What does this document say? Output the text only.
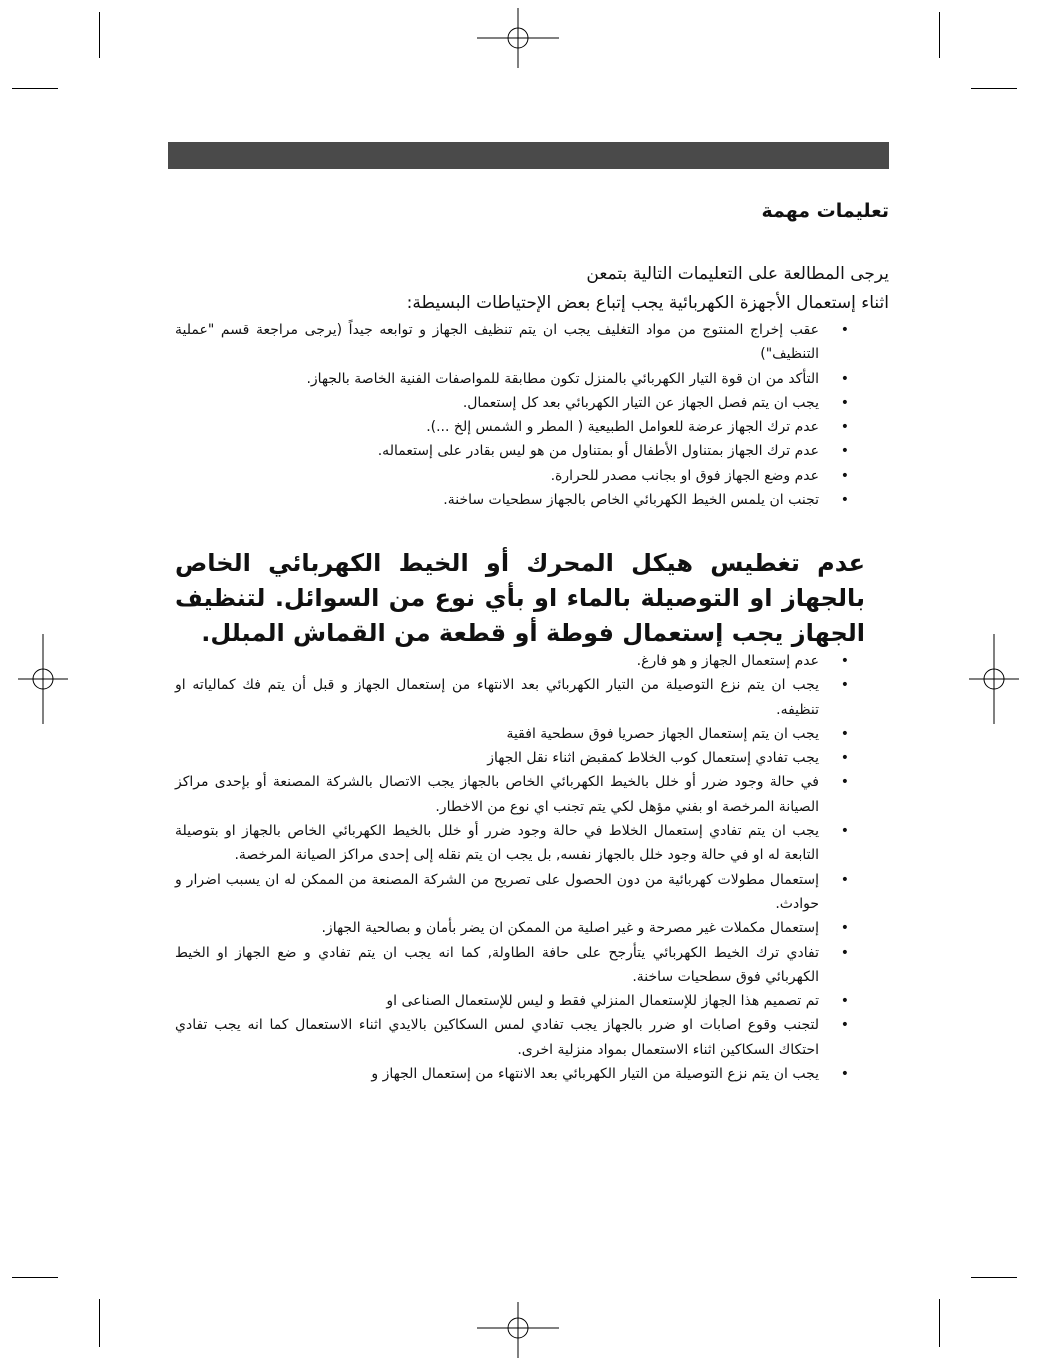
تعليمات مهمة
يرجى المطالعة على التعليمات التالية بتمعن
اثناء إستعمال الأجهزة الكهربائية يجب إتباع بعض الإحتياطات البسيطة:
•
عقب إخراج المنتوج من مواد التغليف يجب ان يتم تنظيف الجهاز و توابعه جيداً (يرجى مراجعة قسم "عملية التنظيف")
•
التأكد من ان قوة التيار الكهربائي بالمنزل تكون مطابقة للمواصفات الفنية الخاصة بالجهاز.
•
يجب ان يتم فصل الجهاز عن التيار الكهربائي بعد كل إستعمال.
•
عدم ترك الجهاز عرضة للعوامل الطبيعية ( المطر و الشمس إلخ ...).
•
عدم ترك الجهاز بمتناول الأطفال أو بمتناول من هو ليس بقادر على إستعماله.
•
عدم وضع الجهاز فوق او بجانب مصدر للحرارة.
•
تجنب ان يلمس الخيط الكهربائي الخاص بالجهاز سطحيات ساخنة.
عدم تغطيس هيكل المحرك أو الخيط الكهربائي الخاص بالجهاز او التوصيلة بالماء او بأي نوع من السوائل. لتنظيف الجهاز يجب إستعمال فوطة أو قطعة من القماش المبلل.
•
عدم إستعمال الجهاز و هو فارغ.
•
يجب ان يتم نزع التوصيلة من التيار الكهربائي بعد الانتهاء من إستعمال الجهاز و قبل أن يتم فك كمالياته او تنظيفه.
•
يجب ان يتم إستعمال الجهاز حصريا فوق سطحية افقية
•
يجب تفادي إستعمال كوب الخلاط كمقبض اثناء نقل الجهاز
•
في حالة وجود ضرر أو خلل بالخيط الكهربائي الخاص بالجهاز يجب الاتصال بالشركة المصنعة أو بإحدى مراكز الصيانة المرخصة او بفني مؤهل لكي يتم تجنب اي نوع من الاخطار.
•
يجب ان يتم تفادي إستعمال الخلاط في حالة وجود ضرر أو خلل بالخيط الكهربائي الخاص بالجهاز او بتوصيلة التابعة له او في حالة وجود خلل بالجهاز نفسه, بل يجب ان يتم نقله إلى إحدى مراكز الصيانة المرخصة.
•
إستعمال مطولات كهربائية من دون الحصول على تصريح من الشركة المصنعة من الممكن له ان يسبب اضرار و حوادث.
•
إستعمال مكملات غير مصرحة و غير اصلية من الممكن ان يضر بأمان و بصالحية الجهاز.
•
تفادي ترك الخيط الكهربائي يتأرجح على حافة الطاولة, كما انه يجب ان يتم تفادي و ضع الجهاز او الخيط الكهربائي فوق سطحيات ساخنة.
•
تم تصميم هذا الجهاز للإستعمال المنزلي فقط و ليس للإستعمال الصناعى او
•
لتجنب وقوع اصابات او ضرر بالجهاز يجب تفادي لمس السكاكين بالايدي اثناء الاستعمال كما انه يجب تفادي احتكاك السكاكين اثناء الاستعمال بمواد منزلية اخرى.
•
يجب ان يتم نزع التوصيلة من التيار الكهربائي بعد الانتهاء من إستعمال الجهاز و
